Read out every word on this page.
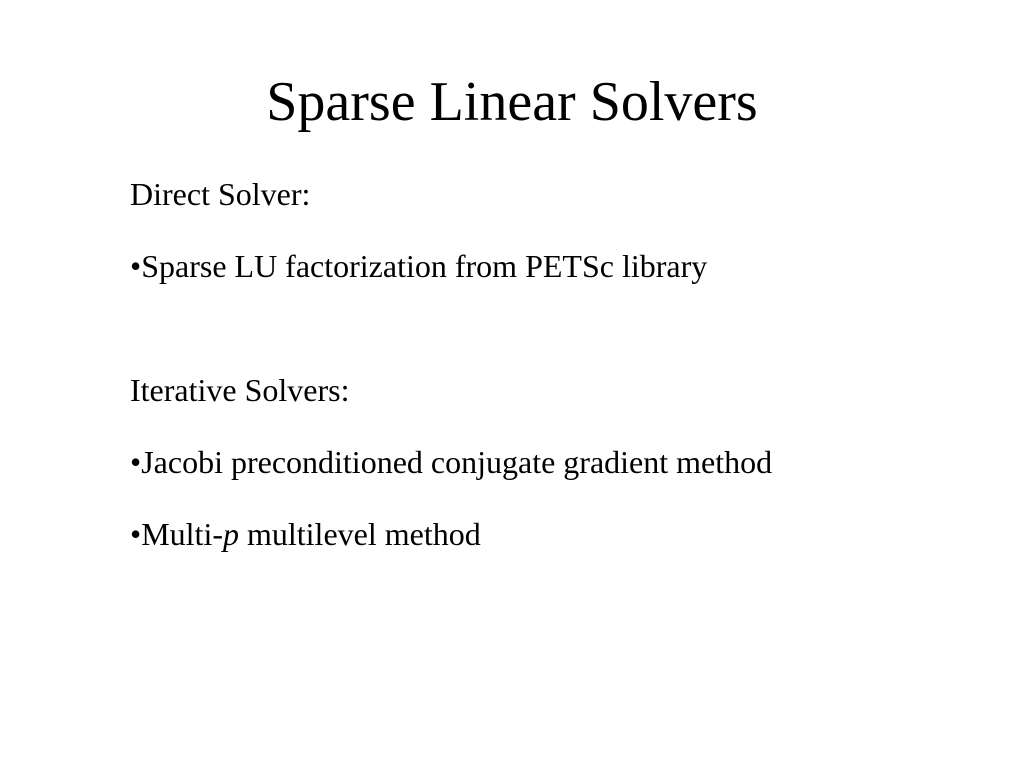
Sparse Linear Solvers

Direct Solver:

•Sparse LU factorization from PETSc library

Iterative Solvers:

•Jacobi preconditioned conjugate gradient method

•Multi-p multilevel method
